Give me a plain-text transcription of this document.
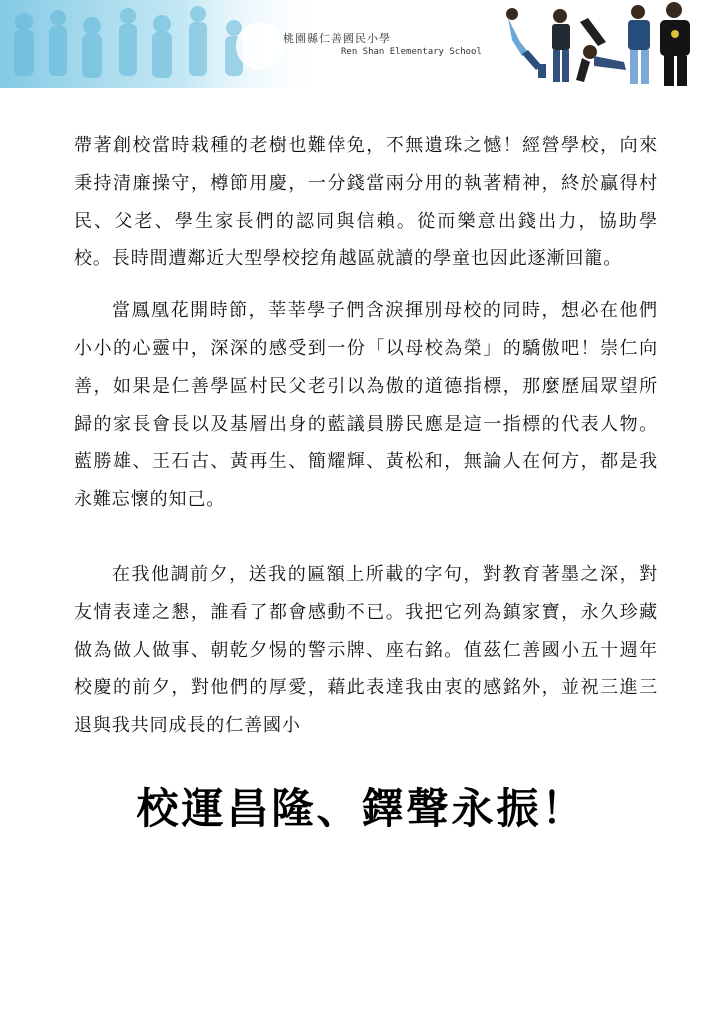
桃園縣仁善國民小學

Ren Shan Elementary School

帶著創校當時栽種的老樹也難倖免，不無遺珠之憾！經營學校，向來秉持清廉操守，樽節用慶，一分錢當兩分用的執著精神，終於贏得村民、父老、學生家長們的認同與信賴。從而樂意出錢出力，協助學校。長時間遭鄰近大型學校挖角越區就讀的學童也因此逐漸回籠。

當鳳凰花開時節，莘莘學子們含淚揮別母校的同時，想必在他們小小的心靈中，深深的感受到一份「以母校為榮」的驕傲吧！崇仁向善，如果是仁善學區村民父老引以為傲的道德指標，那麼歷屆眾望所歸的家長會長以及基層出身的藍議員勝民應是這一指標的代表人物。藍勝雄、王石古、黃再生、簡耀輝、黃松和，無論人在何方，都是我永難忘懷的知己。

在我他調前夕，送我的匾額上所載的字句，對教育著墨之深，對友情表達之懇，誰看了都會感動不已。我把它列為鎮家寶，永久珍藏做為做人做事、朝乾夕惕的警示牌、座右銘。值茲仁善國小五十週年校慶的前夕，對他們的厚愛，藉此表達我由衷的感銘外，並祝三進三退與我共同成長的仁善國小

校運昌隆、鐸聲永振！
